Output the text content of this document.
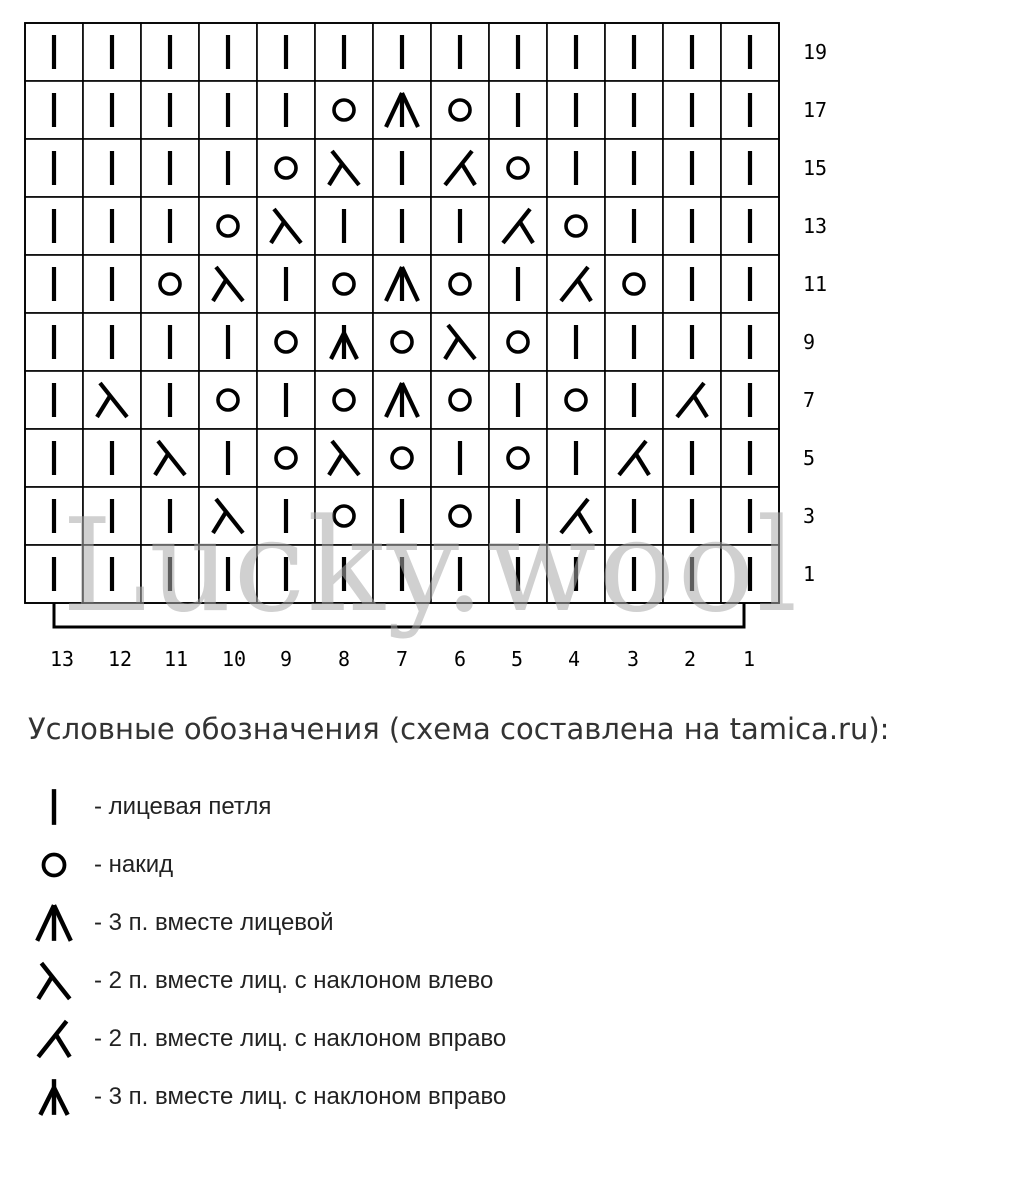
19
17
15
13
11
9
7
5
3
1
13 12 11 10 9 8 7 6 5 4 3 2 1
Lucky.wool
Условные обозначения (схема составлена на tamica.ru):
- лицевая петля
- накид
- 3 п. вместе лицевой
- 2 п. вместе лиц. с наклоном влево
- 2 п. вместе лиц. с наклоном вправо
- 3 п. вместе лиц. с наклоном вправо
